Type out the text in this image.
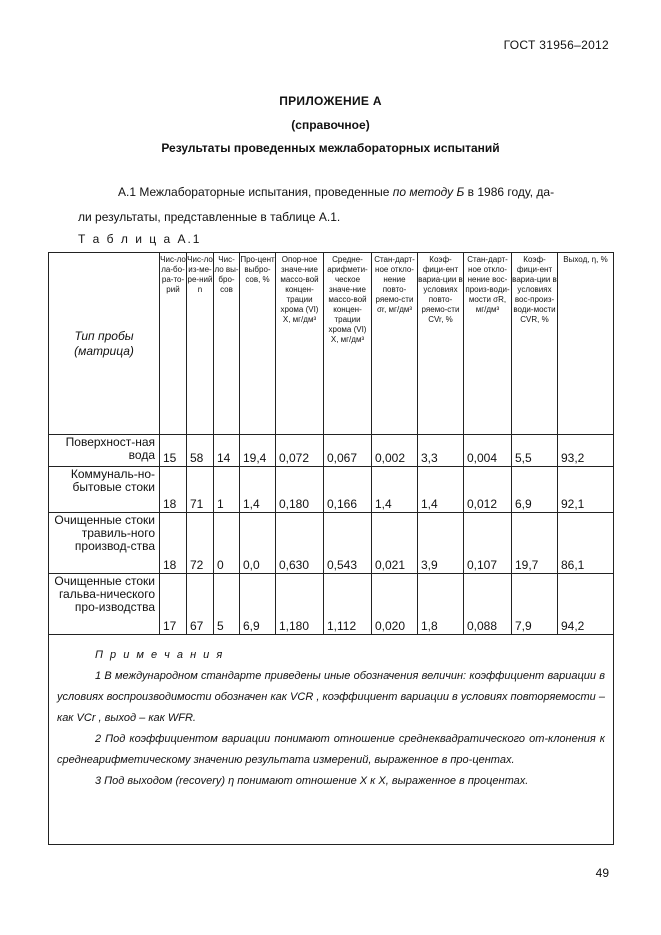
ГОСТ 31956–2012
ПРИЛОЖЕНИЕ А
(справочное)
Результаты проведенных межлабораторных испытаний
А.1 Межлабораторные испытания, проведенные по методу Б в 1986 году, да-
ли результаты, представленные в таблице А.1.
Т а б л и ц а А.1
Тип пробы (матрица)	Чис-ло ла-бо-ра-то-рий	Чис-ло из-ме-ре-ний n	Чис-ло вы-бро-сов	Про-цент выбро-сов, %	Опор-ное значе-ние массо-вой концен-трации хрома (VI) X, мг/дм³	Средне-арифмети-ческое значе-ние массо-вой концен-трации хрома (VI) X, мг/дм³	Стан-дарт-ное откло-нение повто-ряемо-сти σr, мг/дм³	Коэф-фици-ент вариа-ции в условиях повто-ряемо-сти CVr, %	Стан-дарт-ное откло-нение вос-произ-води-мости σR, мг/дм³	Коэф-фици-ент вариа-ции в условиях вос-произ-води-мости CVR, %	Выход, η, %
Поверхност-ная вода	15	58	14	19,4	0,072	0,067	0,002	3,3	0,004	5,5	93,2
Коммуналь-но-бытовые стоки	18	71	1	1,4	0,180	0,166	1,4	1,4	0,012	6,9	92,1
Очищенные стоки травиль-ного производ-ства	18	72	0	0,0	0,630	0,543	0,021	3,9	0,107	19,7	86,1
Очищенные стоки гальва-нического про-изводства	17	67	5	6,9	1,180	1,112	0,020	1,8	0,088	7,9	94,2

П р и м е ч а н и я

1 В международном стандарте приведены иные обозначения величин: коэффициент вариации в условиях воспроизводимости обозначен как VCR , коэффициент вариации в условиях повторяемости – как VCr , выход – как WFR.

2 Под коэффициентом вариации понимают отношение среднеквадратического от-клонения к среднеарифметическому значению результата измерений, выраженное в про-центах.

3 Под выходом (recovery) η понимают отношение X к X, выраженное в процентах.											

49
